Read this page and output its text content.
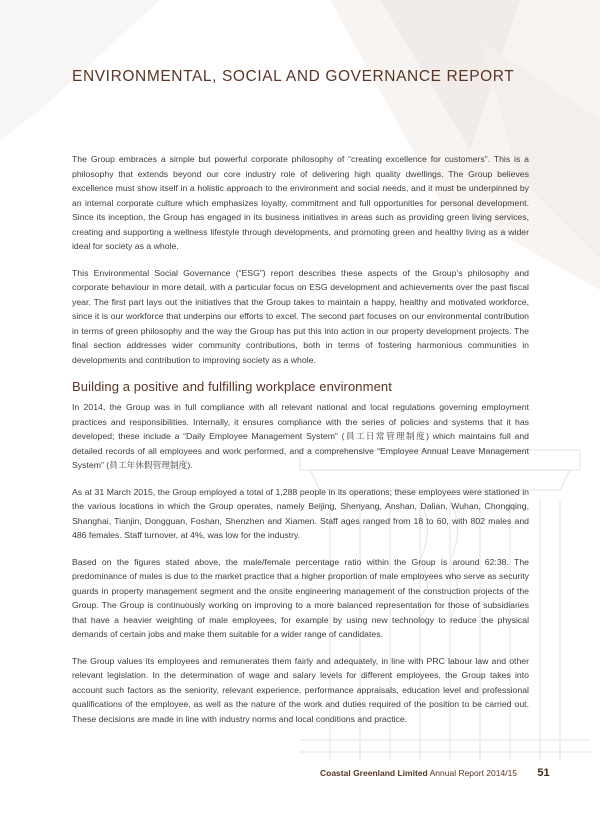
ENVIRONMENTAL, SOCIAL AND GOVERNANCE REPORT

The Group embraces a simple but powerful corporate philosophy of “creating excellence for customers”. This is a philosophy that extends beyond our core industry role of delivering high quality dwellings. The Group believes excellence must show itself in a holistic approach to the environment and social needs, and it must be underpinned by an internal corporate culture which emphasizes loyalty, commitment and full opportunities for personal development. Since its inception, the Group has engaged in its business initiatives in areas such as providing green living services, creating and supporting a wellness lifestyle through developments, and promoting green and healthy living as a wider ideal for society as a whole.

This Environmental Social Governance (“ESG”) report describes these aspects of the Group’s philosophy and corporate behaviour in more detail, with a particular focus on ESG development and achievements over the past fiscal year. The first part lays out the initiatives that the Group takes to maintain a happy, healthy and motivated workforce, since it is our workforce that underpins our efforts to excel. The second part focuses on our environmental contribution in terms of green philosophy and the way the Group has put this into action in our property development projects. The final section addresses wider community contributions, both in terms of fostering harmonious communities in developments and contribution to improving society as a whole.

Building a positive and fulfilling workplace environment

In 2014, the Group was in full compliance with all relevant national and local regulations governing employment practices and responsibilities. Internally, it ensures compliance with the series of policies and systems that it has developed; these include a “Daily Employee Management System” (員工日常管理制度) which maintains full and detailed records of all employees and work performed, and a comprehensive “Employee Annual Leave Management System” (員工年休假管理制度).

As at 31 March 2015, the Group employed a total of 1,288 people in its operations; these employees were stationed in the various locations in which the Group operates, namely Beijing, Shenyang, Anshan, Dalian, Wuhan, Chongqing, Shanghai, Tianjin, Dongguan, Foshan, Shenzhen and Xiamen. Staff ages ranged from 18 to 60, with 802 males and 486 females. Staff turnover, at 4%, was low for the industry.

Based on the figures stated above, the male/female percentage ratio within the Group is around 62:38. The predominance of males is due to the market practice that a higher proportion of male employees who serve as security guards in property management segment and the onsite engineering management of the construction projects of the Group. The Group is continuously working on improving to a more balanced representation for those of subsidiaries that have a heavier weighting of male employees, for example by using new technology to reduce the physical demands of certain jobs and make them suitable for a wider range of candidates.

The Group values its employees and remunerates them fairly and adequately, in line with PRC labour law and other relevant legislation. In the determination of wage and salary levels for different employees, the Group takes into account such factors as the seniority, relevant experience, performance appraisals, education level and professional qualifications of the employee, as well as the nature of the work and duties required of the position to be carried out. These decisions are made in line with industry norms and local conditions and practice.

Coastal Greenland Limited Annual Report 2014/15 51
